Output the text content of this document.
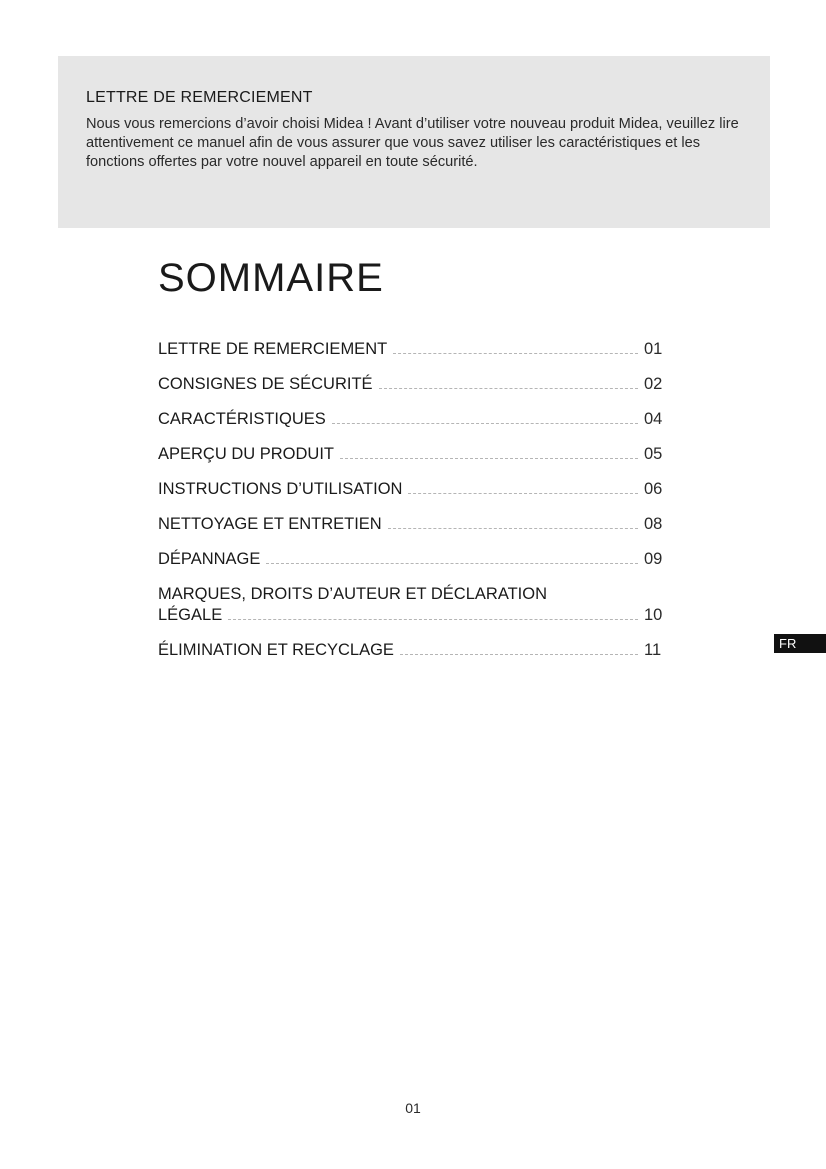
LETTRE DE REMERCIEMENT

Nous vous remercions d’avoir choisi Midea ! Avant d’utiliser votre nouveau produit Midea, veuillez lire attentivement ce manuel afin de vous assurer que vous savez utiliser les caractéristiques et les fonctions offertes par votre nouvel appareil en toute sécurité.

SOMMAIRE
LETTRE DE REMERCIEMENT	01
CONSIGNES DE SÉCURITÉ	02
CARACTÉRISTIQUES	04
APERÇU DU PRODUIT	05
INSTRUCTIONS D’UTILISATION	06
NETTOYAGE ET ENTRETIEN	08
DÉPANNAGE	09
MARQUES, DROITS D’AUTEUR ET DÉCLARATION
LÉGALE	10
ÉLIMINATION ET RECYCLAGE	11	FR
01
